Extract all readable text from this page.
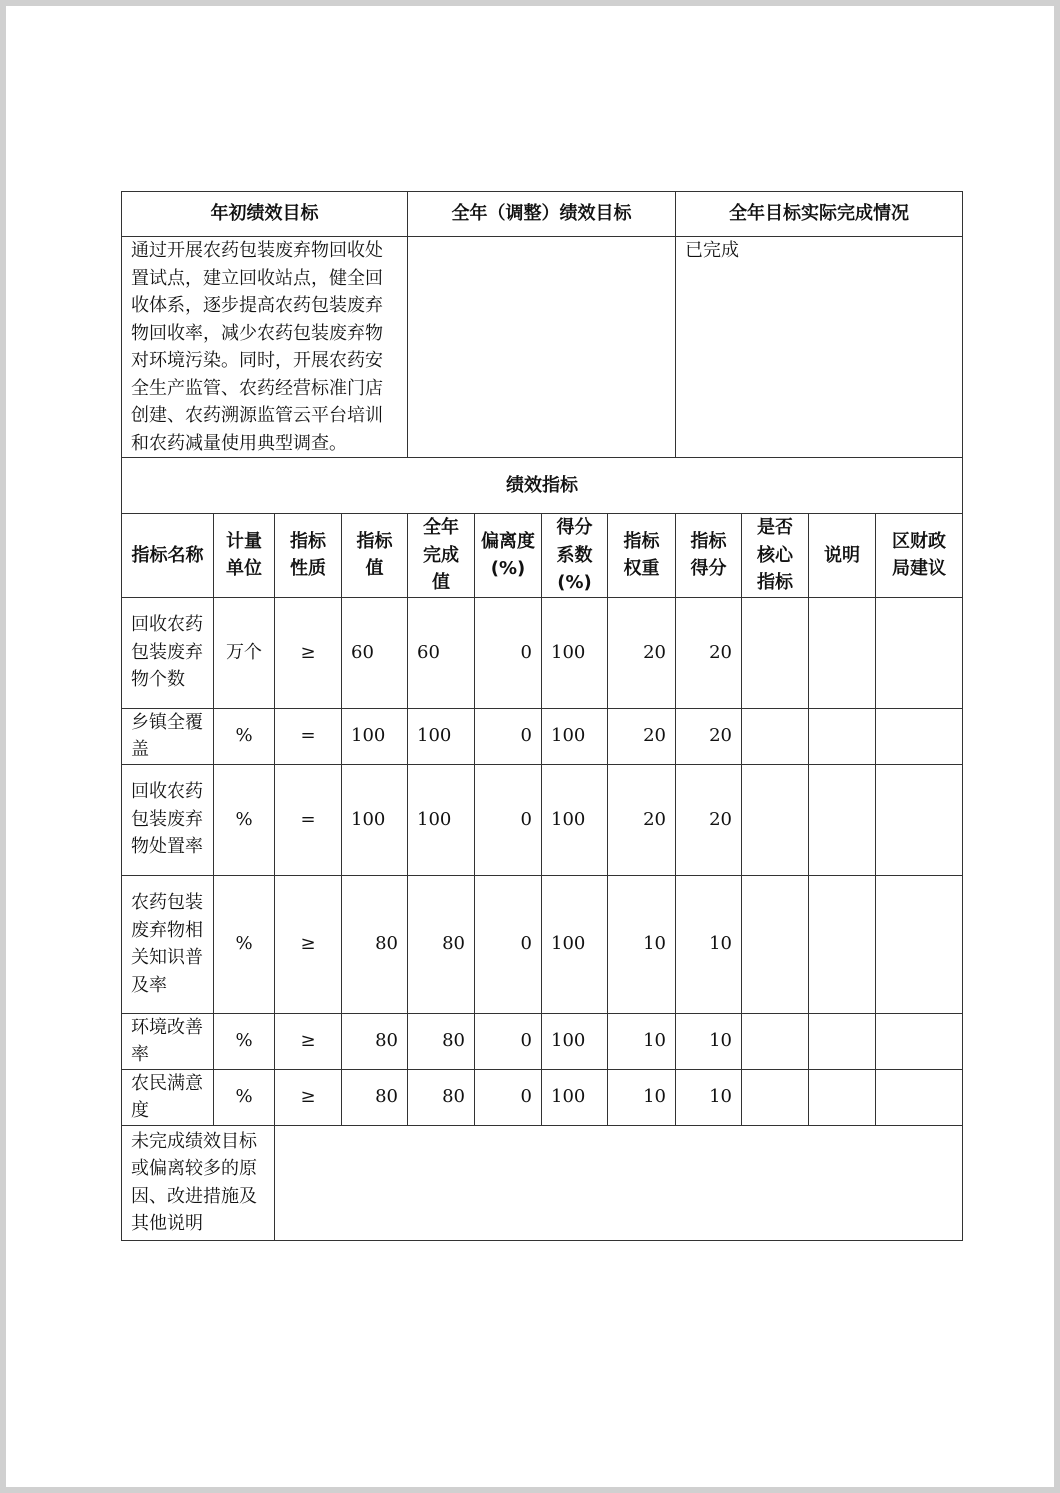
年初绩效目标				全年（调整）绩效目标				全年目标实际完成情况			
通过开展农药包装废弃物回收处置试点，建立回收站点，健全回收体系，逐步提高农药包装废弃物回收率，减少农药包装废弃物对环境污染。同时，开展农药安全生产监管、农药经营标准门店创建、农药溯源监管云平台培训和农药减量使用典型调查。								已完成			
绩效指标											
指标名称	计量单位	指标性质	指标值	全年完成值	偏离度(%)	得分系数(%)	指标权重	指标得分	是否核心指标	说明	区财政局建议

回收农药包装废弃物个数	万个	≥	60	60	0	100	20	20			
乡镇全覆盖	%	=	100	100	0	100	20	20			
回收农药包装废弃物处置率	%	=	100	100	0	100	20	20			
农药包装废弃物相关知识普及率	%	≥	80	80	0	100	10	10			
环境改善率	%	≥	80	80	0	100	10	10			
农民满意度	%	≥	80	80	0	100	10	10			
未完成绩效目标或偏离较多的原因、改进措施及其他说明											
